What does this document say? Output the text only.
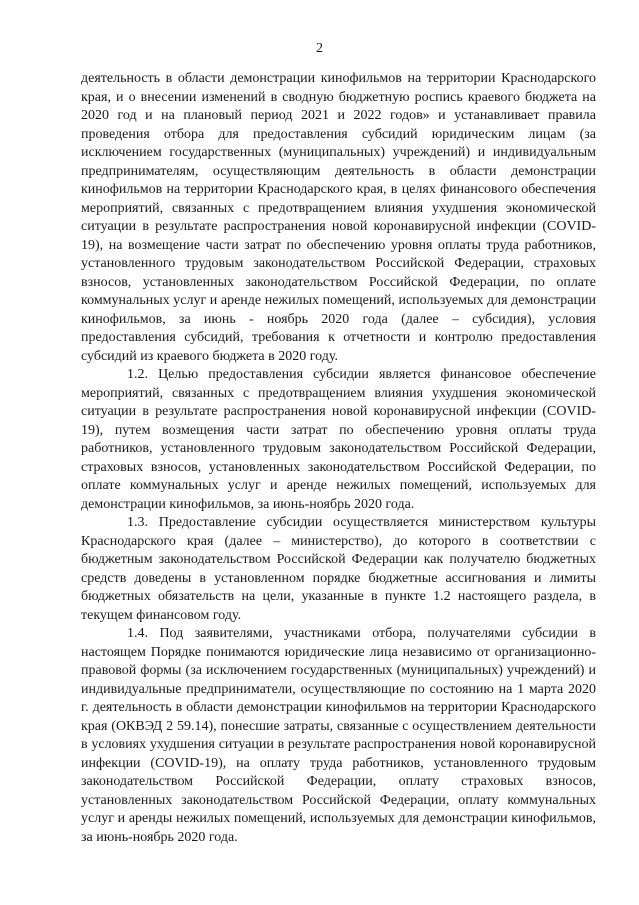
2

деятельность в области демонстрации кинофильмов на территории Краснодарского края, и о внесении изменений в сводную бюджетную роспись краевого бюджета на 2020 год и на плановый период 2021 и 2022 годов» и устанавливает правила проведения отбора для предоставления субсидий юридическим лицам (за исключением государственных (муниципальных) учреждений) и индивидуальным предпринимателям, осуществляющим деятельность в области демонстрации кинофильмов на территории Краснодарского края, в целях финансового обеспечения мероприятий, связанных с предотвращением влияния ухудшения экономической ситуации в результате распространения новой коронавирусной инфекции (COVID-19), на возмещение части затрат по обеспечению уровня оплаты труда работников, установленного трудовым законодательством Российской Федерации, страховых взносов, установленных законодательством Российской Федерации, по оплате коммунальных услуг и аренде нежилых помещений, используемых для демонстрации кинофильмов, за июнь - ноябрь 2020 года (далее – субсидия), условия предоставления субсидий, требования к отчетности и контролю предоставления субсидий из краевого бюджета в 2020 году.

1.2. Целью предоставления субсидии является финансовое обеспечение мероприятий, связанных с предотвращением влияния ухудшения экономической ситуации в результате распространения новой коронавирусной инфекции (COVID-19), путем возмещения части затрат по обеспечению уровня оплаты труда работников, установленного трудовым законодательством Российской Федерации, страховых взносов, установленных законодательством Российской Федерации, по оплате коммунальных услуг и аренде нежилых помещений, используемых для демонстрации кинофильмов, за июнь-ноябрь 2020 года.

1.3. Предоставление субсидии осуществляется министерством культуры Краснодарского края (далее – министерство), до которого в соответствии с бюджетным законодательством Российской Федерации как получателю бюджетных средств доведены в установленном порядке бюджетные ассигнования и лимиты бюджетных обязательств на цели, указанные в пункте 1.2 настоящего раздела, в текущем финансовом году.

1.4. Под заявителями, участниками отбора, получателями субсидии в настоящем Порядке понимаются юридические лица независимо от организационно-правовой формы (за исключением государственных (муниципальных) учреждений) и индивидуальные предприниматели, осуществляющие по состоянию на 1 марта 2020 г. деятельность в области демонстрации кинофильмов на территории Краснодарского края (ОКВЭД 2 59.14), понесшие затраты, связанные с осуществлением деятельности в условиях ухудшения ситуации в результате распространения новой коронавирусной инфекции (COVID-19), на оплату труда работников, установленного трудовым законодательством Российской Федерации, оплату страховых взносов, установленных законодательством Российской Федерации, оплату коммунальных услуг и аренды нежилых помещений, используемых для демонстрации кинофильмов, за июнь-ноябрь 2020 года.
